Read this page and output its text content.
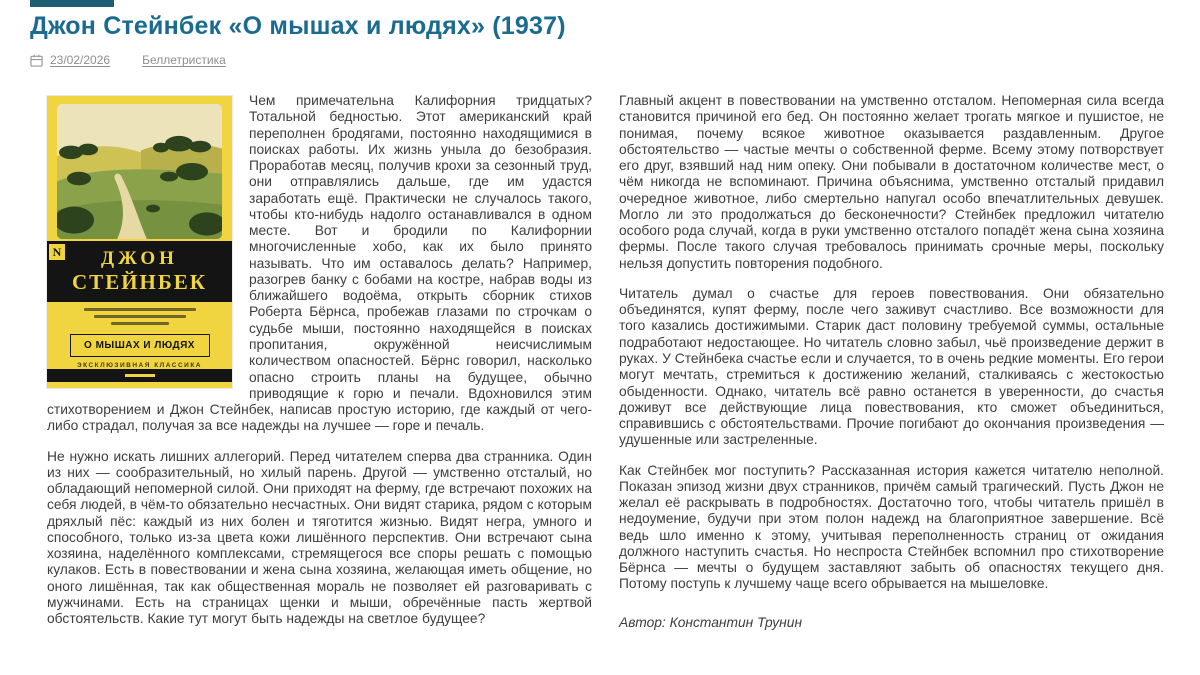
Джон Стейнбек «О мышах и людях» (1937)
23/02/2026	Беллетристика
ДЖОН
СТЕЙНБЕК
N
О МЫШАХ И ЛЮДЯХ
ЭКСКЛЮЗИВНАЯ КЛАССИКА

Чем примечательна Калифорния тридцатых? Тотальной бедностью. Этот американский край переполнен бродягами, постоянно находящимися в поисках работы. Их жизнь уныла до безобразия. Проработав месяц, получив крохи за сезонный труд, они отправлялись дальше, где им удастся заработать ещё. Практически не случалось такого, чтобы кто-нибудь надолго останавливался в одном месте. Вот и бродили по Калифорнии многочисленные хобо, как их было принято называть. Что им оставалось делать? Например, разогрев банку с бобами на костре, набрав воды из ближайшего водоёма, открыть сборник стихов Роберта Бёрнса, пробежав глазами по строчкам о судьбе мыши, постоянно находящейся в поисках пропитания, окружённой неисчислимым количеством опасностей. Бёрнс говорил, насколько опасно строить планы на будущее, обычно приводящие к горю и печали. Вдохновился этим стихотворением и Джон Стейнбек, написав простую историю, где каждый от чего-либо страдал, получая за все надежды на лучшее — горе и печаль.

Не нужно искать лишних аллегорий. Перед читателем сперва два странника. Один из них — сообразительный, но хилый парень. Другой — умственно отсталый, но обладающий непомерной силой. Они приходят на ферму, где встречают похожих на себя людей, в чём-то обязательно несчастных. Они видят старика, рядом с которым дряхлый пёс: каждый из них болен и тяготится жизнью. Видят негра, умного и способного, только из-за цвета кожи лишённого перспектив. Они встречают сына хозяина, наделённого комплексами, стремящегося все споры решать с помощью кулаков. Есть в повествовании и жена сына хозяина, желающая иметь общение, но оного лишённая, так как общественная мораль не позволяет ей разговаривать с мужчинами. Есть на страницах щенки и мыши, обречённые пасть жертвой обстоятельств. Какие тут могут быть надежды на светлое будущее?

Главный акцент в повествовании на умственно отсталом. Непомерная сила всегда становится причиной его бед. Он постоянно желает трогать мягкое и пушистое, не понимая, почему всякое животное оказывается раздавленным. Другое обстоятельство — частые мечты о собственной ферме. Всему этому потворствует его друг, взявший над ним опеку. Они побывали в достаточном количестве мест, о чём никогда не вспоминают. Причина объяснима, умственно отсталый придавил очередное животное, либо смертельно напугал особо впечатлительных девушек. Могло ли это продолжаться до бесконечности? Стейнбек предложил читателю особого рода случай, когда в руки умственно отсталого попадёт жена сына хозяина фермы. После такого случая требовалось принимать срочные меры, поскольку нельзя допустить повторения подобного.

Читатель думал о счастье для героев повествования. Они обязательно объединятся, купят ферму, после чего заживут счастливо. Все возможности для того казались достижимыми. Старик даст половину требуемой суммы, остальные подработают недостающее. Но читатель словно забыл, чьё произведение держит в руках. У Стейнбека счастье если и случается, то в очень редкие моменты. Его герои могут мечтать, стремиться к достижению желаний, сталкиваясь с жестокостью обыденности. Однако, читатель всё равно останется в уверенности, до счастья доживут все действующие лица повествования, кто сможет объединиться, справившись с обстоятельствами. Прочие погибают до окончания произведения — удушенные или застреленные.

Как Стейнбек мог поступить? Рассказанная история кажется читателю неполной. Показан эпизод жизни двух странников, причём самый трагический. Пусть Джон не желал её раскрывать в подробностях. Достаточно того, чтобы читатель пришёл в недоумение, будучи при этом полон надежд на благоприятное завершение. Всё ведь шло именно к этому, учитывая переполненность страниц от ожидания должного наступить счастья. Но неспроста Стейнбек вспомнил про стихотворение Бёрнса — мечты о будущем заставляют забыть об опасностях текущего дня. Потому поступь к лучшему чаще всего обрывается на мышеловке.

Автор: Константин Трунин
